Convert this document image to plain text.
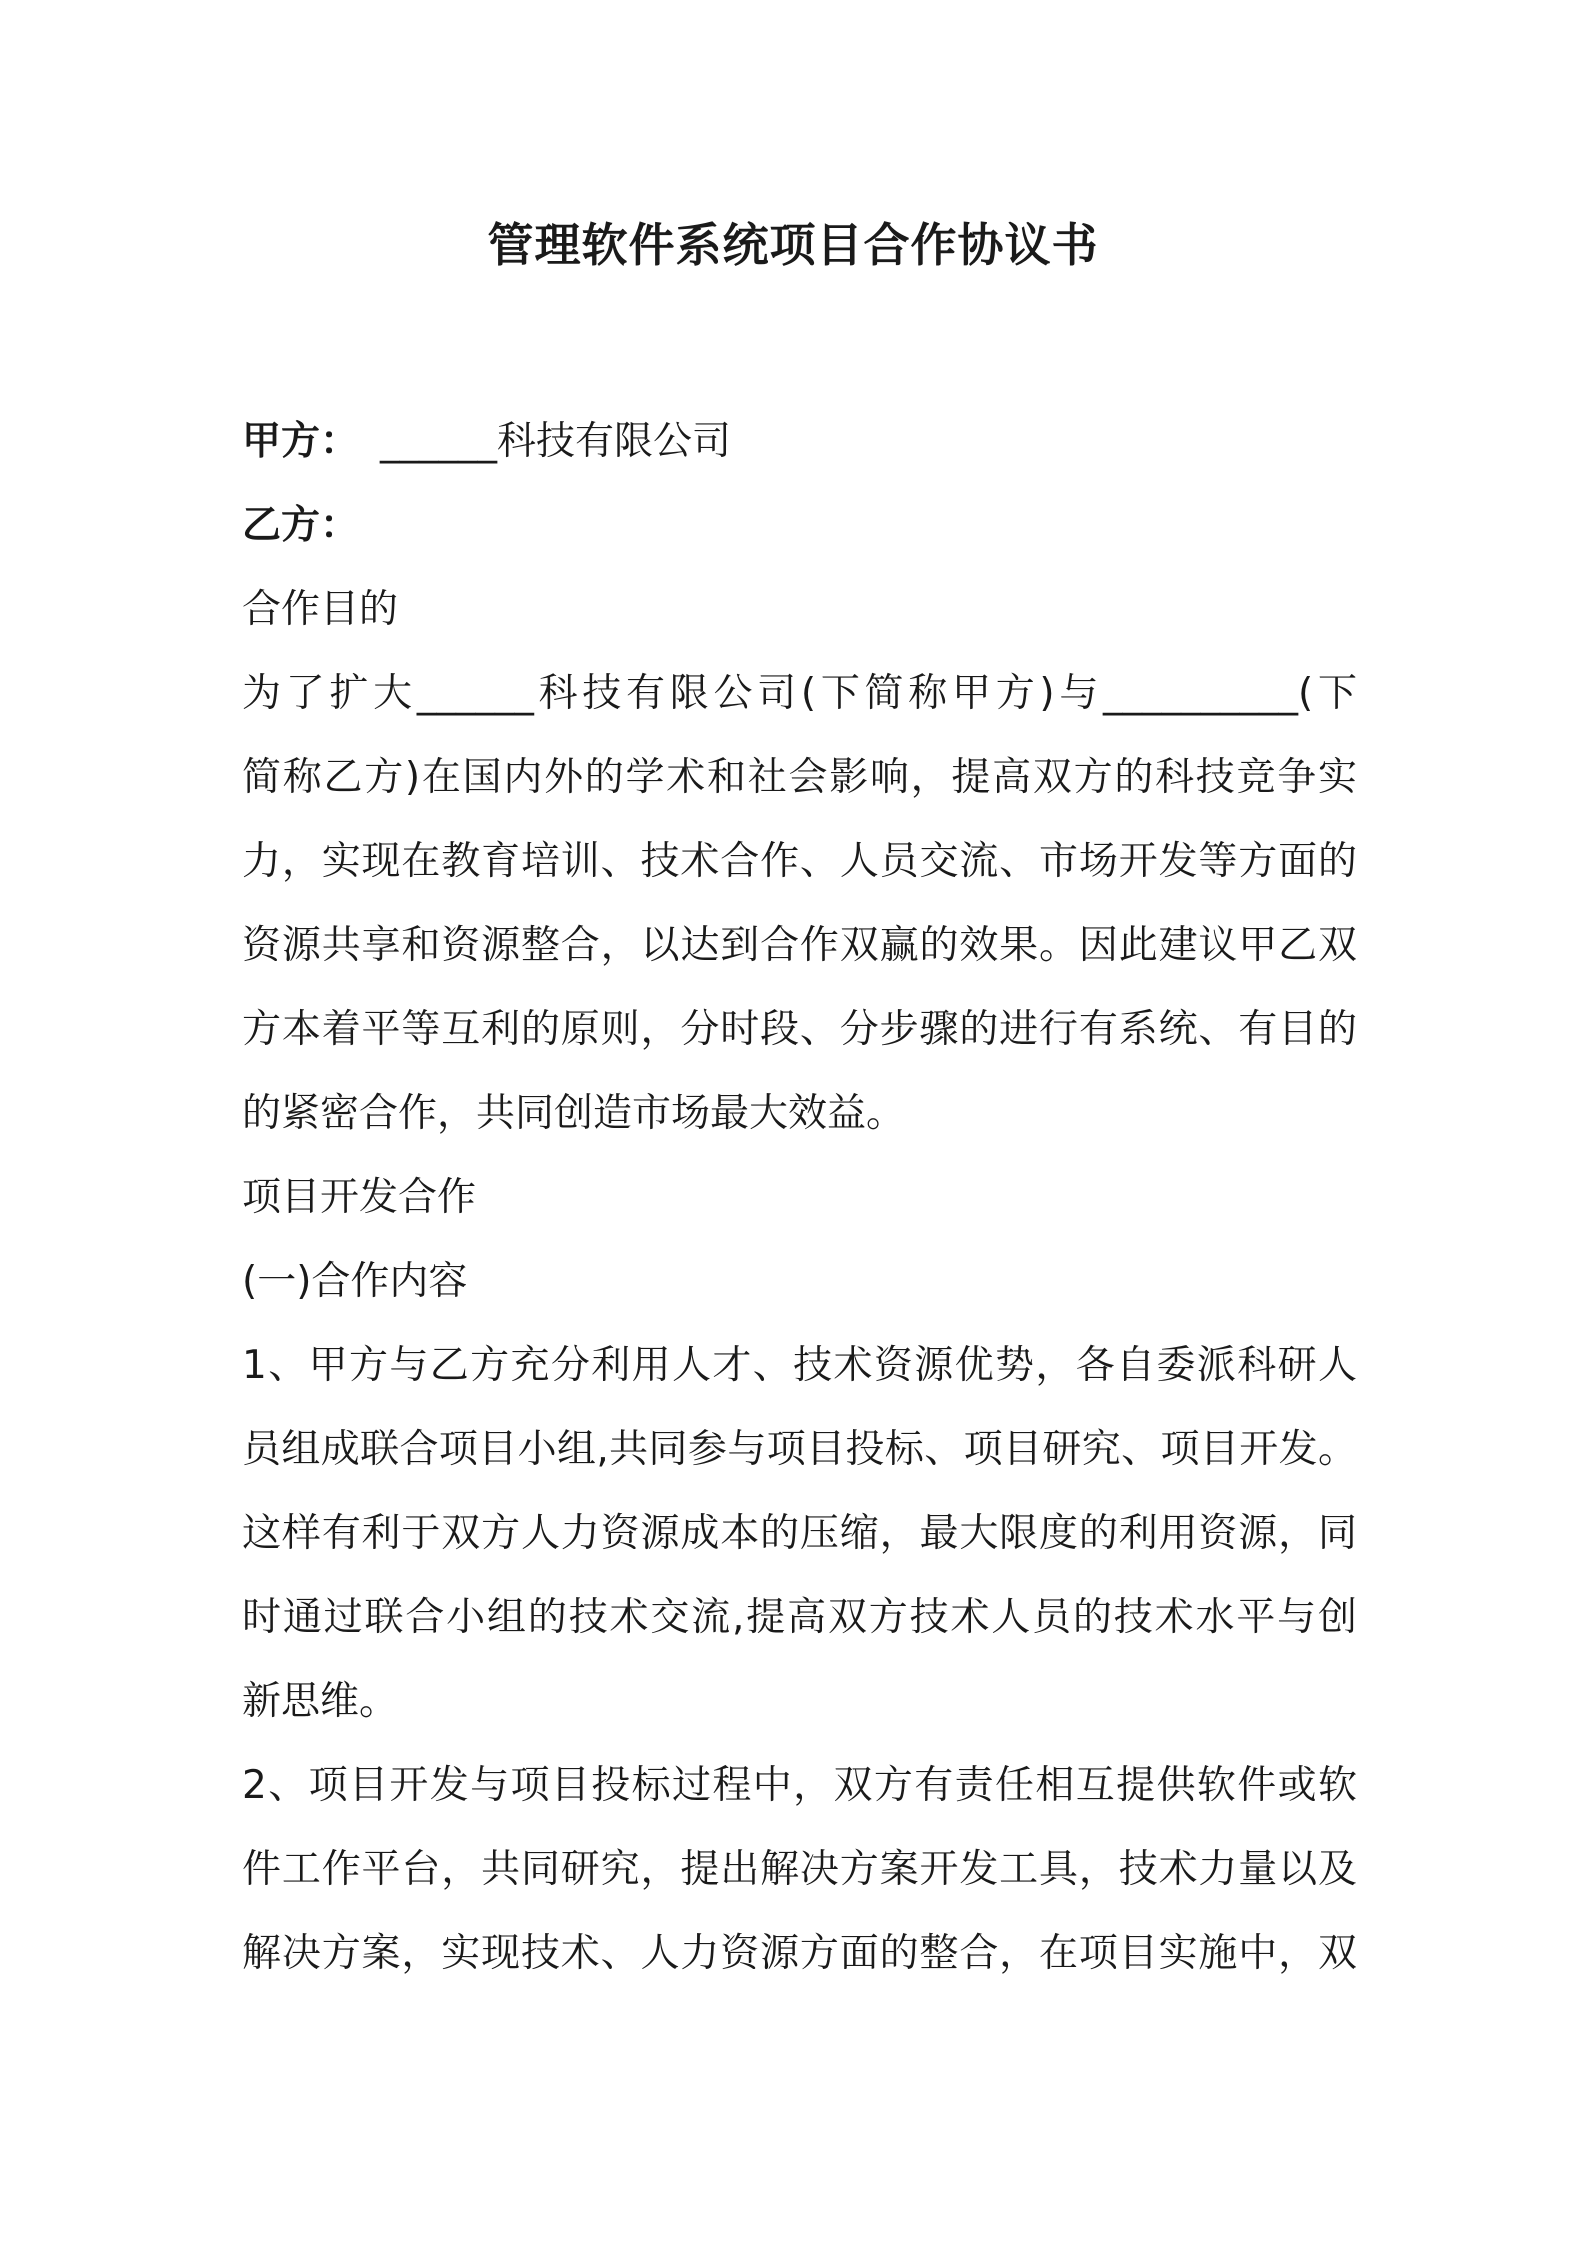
管理软件系统项目合作协议书
甲方： ______科技有限公司
乙方：
合作目的
为了扩大______科技有限公司(下简称甲方)与__________(下
简称乙方)在国内外的学术和社会影响，提高双方的科技竞争实
力，实现在教育培训、技术合作、人员交流、市场开发等方面的
资源共享和资源整合，以达到合作双赢的效果。因此建议甲乙双
方本着平等互利的原则，分时段、分步骤的进行有系统、有目的
的紧密合作，共同创造市场最大效益。
项目开发合作
(一)合作内容
1、甲方与乙方充分利用人才、技术资源优势，各自委派科研人
员组成联合项目小组,共同参与项目投标、项目研究、项目开发。
这样有利于双方人力资源成本的压缩，最大限度的利用资源，同
时通过联合小组的技术交流,提高双方技术人员的技术水平与创
新思维。
2、项目开发与项目投标过程中，双方有责任相互提供软件或软
件工作平台，共同研究，提出解决方案开发工具，技术力量以及
解决方案，实现技术、人力资源方面的整合，在项目实施中，双
